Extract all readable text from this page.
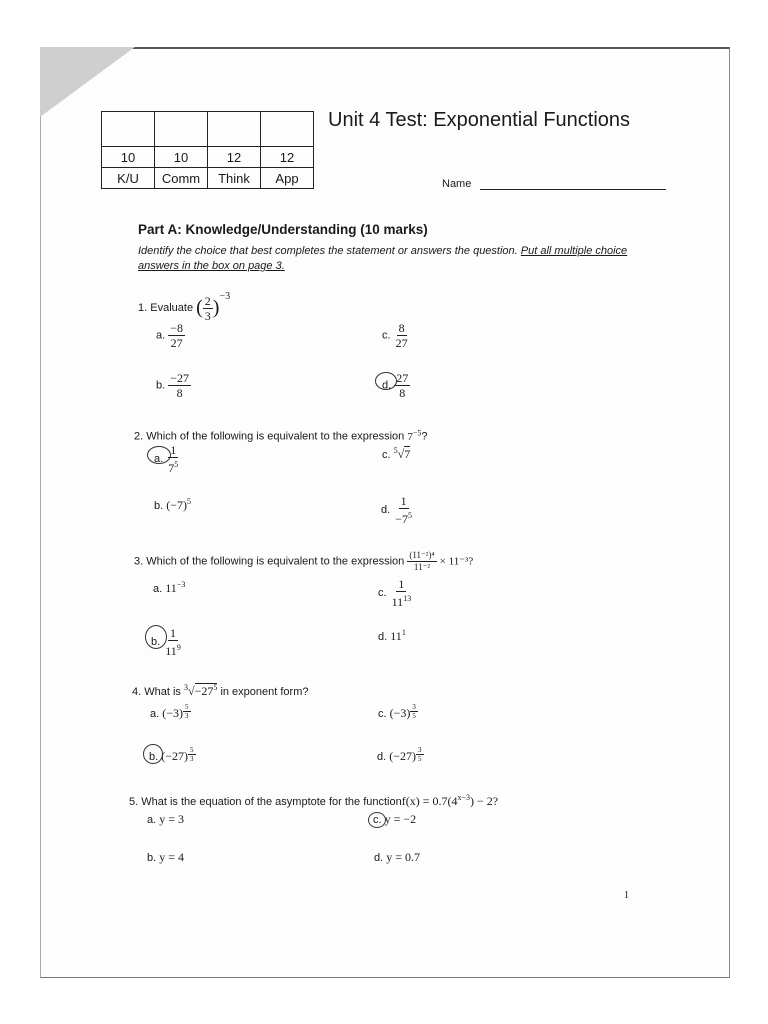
10	10	12	12
K/U	Comm	Think	App
Unit 4 Test: Exponential Functions
Name
Part A: Knowledge/Understanding (10 marks)
Identify the choice that best completes the statement or answers the question. Put all multiple choice answers in the box on page 3.
1. Evaluate ( $\frac{2}{3} )^{-3}$
a. $\frac{-8}{27}$	c. $\frac{8}{27}$
b. $\frac{-27}{8}$	d. $\frac{27}{8}$
2. Which of the following is equivalent to the expression $7^{-5}$?
a. $\frac{1}{7^5}$	c. $^5$√7
b. $(-7)^5$
d. $\frac{1}{-7^5}$
3. Which of the following is equivalent to the expression $\frac{\text{(11⁻²)⁴}}{\text{11⁻²}} \times 11^{-3}$?
a. $11^{-3}$
c. $\frac{1}{11^{13}}$
b. $\frac{1}{11^9}$	d. $11^1$
4. What is $^3√-27^5$ in exponent form?
a. $(-3) \frac{5}{3}$	c. $(-3) \frac{3}{5}$
b. $(-27) \frac{5}{3}$	d. $(-27) \frac{3}{5}$
5. What is the equation of the asymptote for the functionf(x) = $0.7(4^{x-3}) - 2$?
a. y = 3	c. y = −2
b. y = 4	d. y = 0.7
1
